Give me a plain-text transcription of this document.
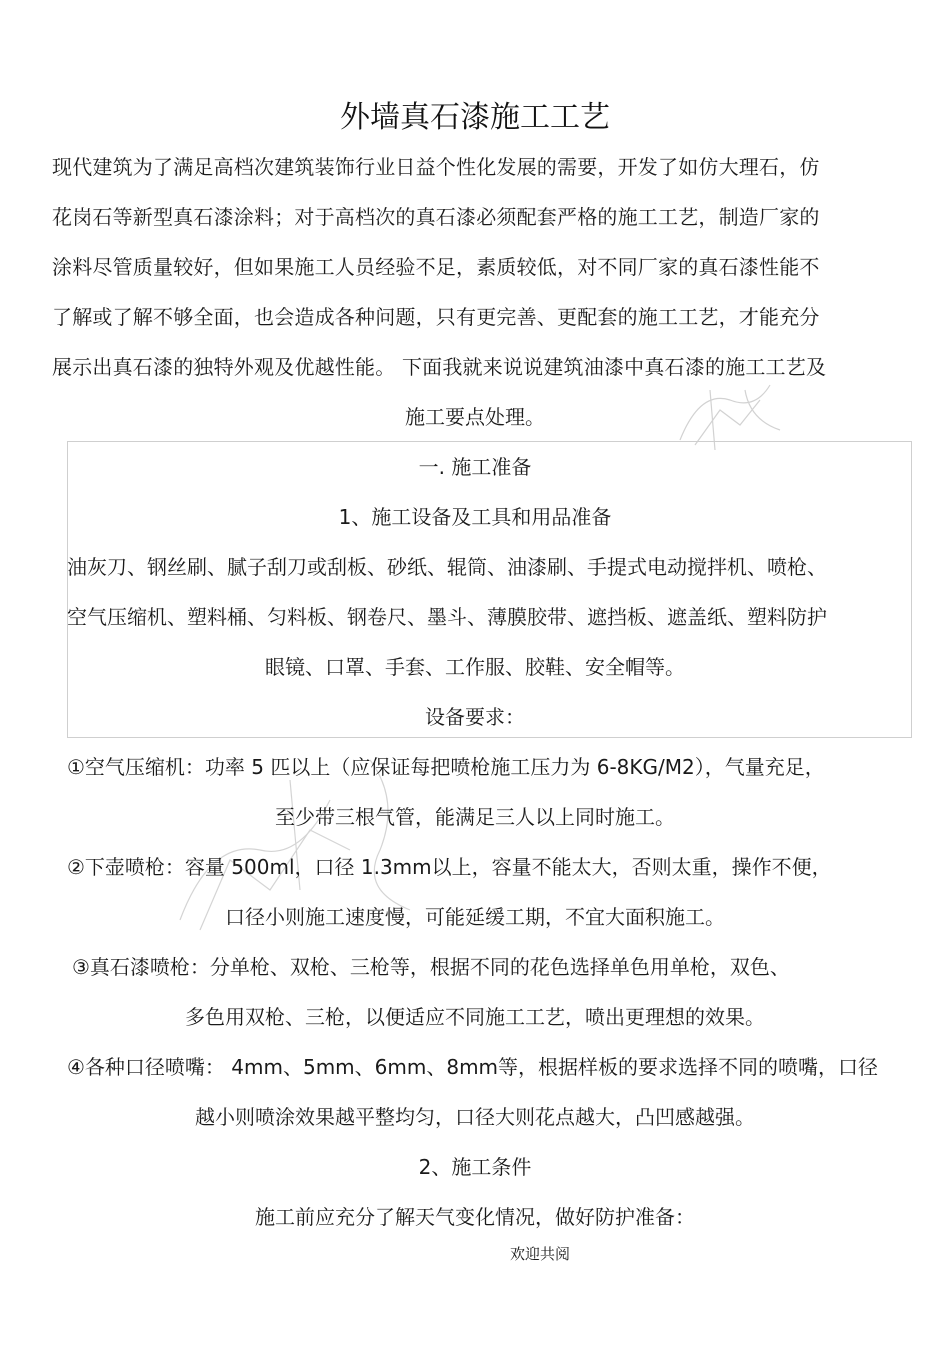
外墙真石漆施工工艺
现代建筑为了满足高档次建筑装饰行业日益个性化发展的需要，开发了如仿大理石，仿
花岗石等新型真石漆涂料；对于高档次的真石漆必须配套严格的施工工艺，制造厂家的
涂料尽管质量较好，但如果施工人员经验不足，素质较低，对不同厂家的真石漆性能不
了解或了解不够全面，也会造成各种问题，只有更完善、更配套的施工工艺，才能充分
展示出真石漆的独特外观及优越性能。 下面我就来说说建筑油漆中真石漆的施工工艺及
施工要点处理。
一. 施工准备
1、施工设备及工具和用品准备
油灰刀、钢丝刷、腻子刮刀或刮板、砂纸、辊筒、油漆刷、手提式电动搅拌机、喷枪、
空气压缩机、塑料桶、匀料板、钢卷尺、墨斗、薄膜胶带、遮挡板、遮盖纸、塑料防护
眼镜、口罩、手套、工作服、胶鞋、安全帽等。
设备要求：
①空气压缩机：功率 5 匹以上（应保证每把喷枪施工压力为 6-8KG/M2），气量充足，
至少带三根气管，能满足三人以上同时施工。
②下壶喷枪：容量 500ml，口径 1.3mm以上，容量不能太大，否则太重，操作不便，
口径小则施工速度慢，可能延缓工期，不宜大面积施工。
③真石漆喷枪：分单枪、双枪、三枪等，根据不同的花色选择单色用单枪，双色、
多色用双枪、三枪，以便适应不同施工工艺，喷出更理想的效果。
④各种口径喷嘴： 4mm、5mm、6mm、8mm等，根据样板的要求选择不同的喷嘴，口径
越小则喷涂效果越平整均匀，口径大则花点越大，凸凹感越强。
2、施工条件
施工前应充分了解天气变化情况，做好防护准备：
欢迎共阅
